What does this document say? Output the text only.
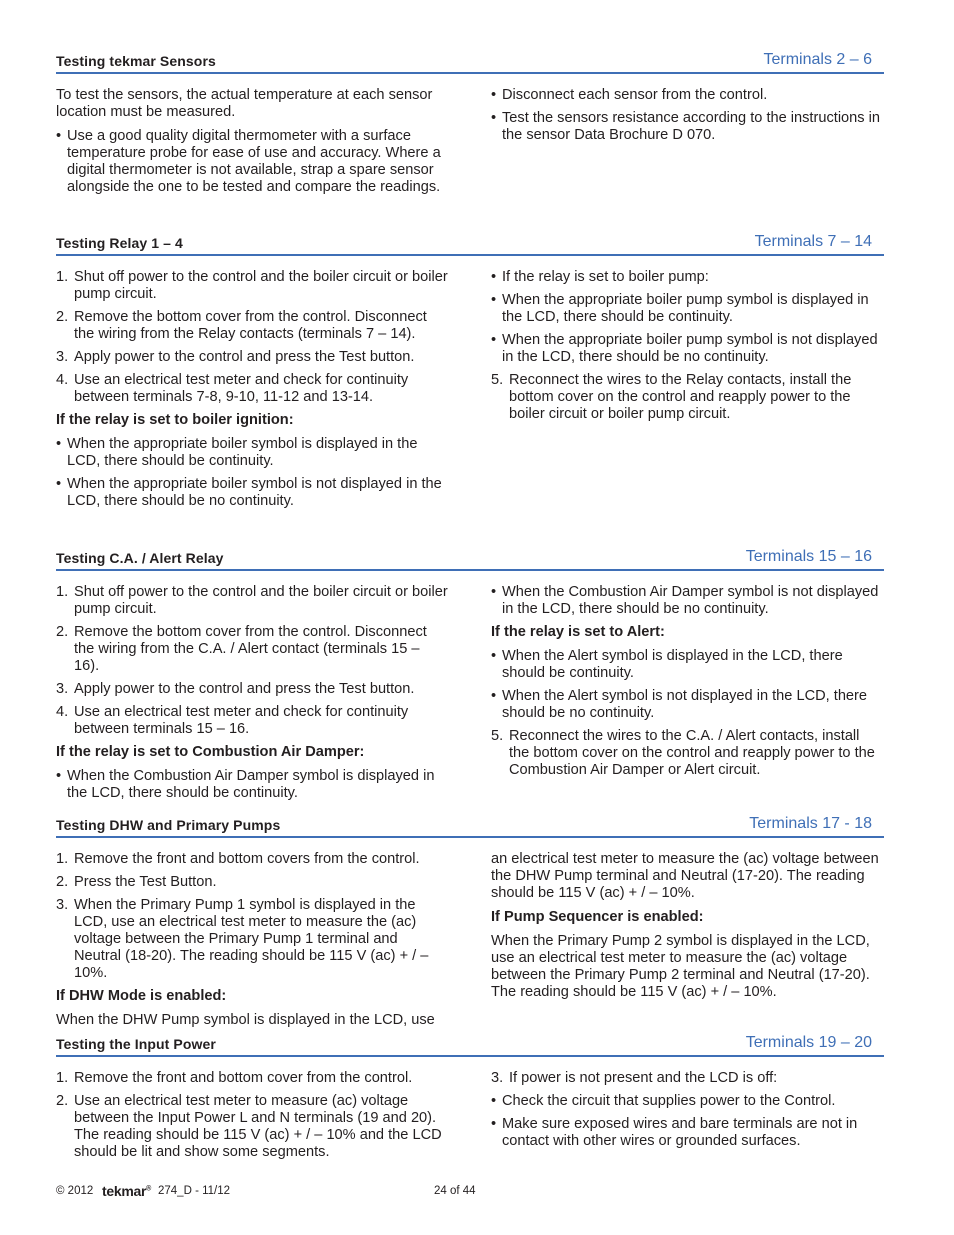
Testing tekmar Sensors	Terminals 2 – 6

To test the sensors, the actual temperature at each sensor location must be measured.

• Use a good quality digital thermometer with a surface temperature probe for ease of use and accuracy. Where a digital thermometer is not available, strap a spare sensor alongside the one to be tested and compare the readings.
• Disconnect each sensor from the control.
• Test the sensors resistance according to the instructions in the sensor Data Brochure D 070.
Testing Relay 1 – 4	Terminals 7 – 14
1. Shut off power to the control and the boiler circuit or boiler pump circuit.
2. Remove the bottom cover from the control. Disconnect the wiring from the Relay contacts (terminals 7 – 14).
3. Apply power to the control and press the Test button.
4. Use an electrical test meter and check for continuity between terminals 7-8, 9-10, 11-12 and 13-14.

If the relay is set to boiler ignition:

• When the appropriate boiler symbol is displayed in the LCD, there should be continuity.
• When the appropriate boiler symbol is not displayed in the LCD, there should be no continuity.
• If the relay is set to boiler pump:
• When the appropriate boiler pump symbol is displayed in the LCD, there should be continuity.
• When the appropriate boiler pump symbol is not displayed in the LCD, there should be no continuity.
5. Reconnect the wires to the Relay contacts, install the bottom cover on the control and reapply power to the boiler circuit or boiler pump circuit.
Testing C.A. / Alert Relay	Terminals 15 – 16
1. Shut off power to the control and the boiler circuit or boiler pump circuit.
2. Remove the bottom cover from the control. Disconnect the wiring from the C.A. / Alert contact (terminals 15 – 16).
3. Apply power to the control and press the Test button.
4. Use an electrical test meter and check for continuity between terminals 15 – 16.

If the relay is set to Combustion Air Damper:

• When the Combustion Air Damper symbol is displayed in the LCD, there should be continuity.
• When the Combustion Air Damper symbol is not displayed in the LCD, there should be no continuity.

If the relay is set to Alert:

• When the Alert symbol is displayed in the LCD, there should be continuity.
• When the Alert symbol is not displayed in the LCD, there should be no continuity.
5. Reconnect the wires to the C.A. / Alert contacts, install the bottom cover on the control and reapply power to the Combustion Air Damper or Alert circuit.
Testing DHW and Primary Pumps	Terminals 17 - 18
1. Remove the front and bottom covers from the control.
2. Press the Test Button.
3. When the Primary Pump 1 symbol is displayed in the LCD, use an electrical test meter to measure the (ac) voltage between the Primary Pump 1 terminal and Neutral (18-20). The reading should be 115 V (ac) + / – 10%.

If DHW Mode is enabled:

When the DHW Pump symbol is displayed in the LCD, use

an electrical test meter to measure the (ac) voltage between the DHW Pump terminal and Neutral (17-20). The reading should be 115 V (ac) + / – 10%.

If Pump Sequencer is enabled:

When the Primary Pump 2 symbol is displayed in the LCD, use an electrical test meter to measure the (ac) voltage between the Primary Pump 2 terminal and Neutral (17-20). The reading should be 115 V (ac) + / – 10%.

Testing the Input Power	Terminals 19 – 20
1. Remove the front and bottom cover from the control.
2. Use an electrical test meter to measure (ac) voltage between the Input Power L and N terminals (19 and 20). The reading should be 115 V (ac) + / – 10% and the LCD should be lit and show some segments.
3. If power is not present and the LCD is off:
• Check the circuit that supplies power to the Control.
• Make sure exposed wires and bare terminals are not in contact with other wires or grounded surfaces.
© 2012 tekmar® 274_D - 11/12	24 of 44
